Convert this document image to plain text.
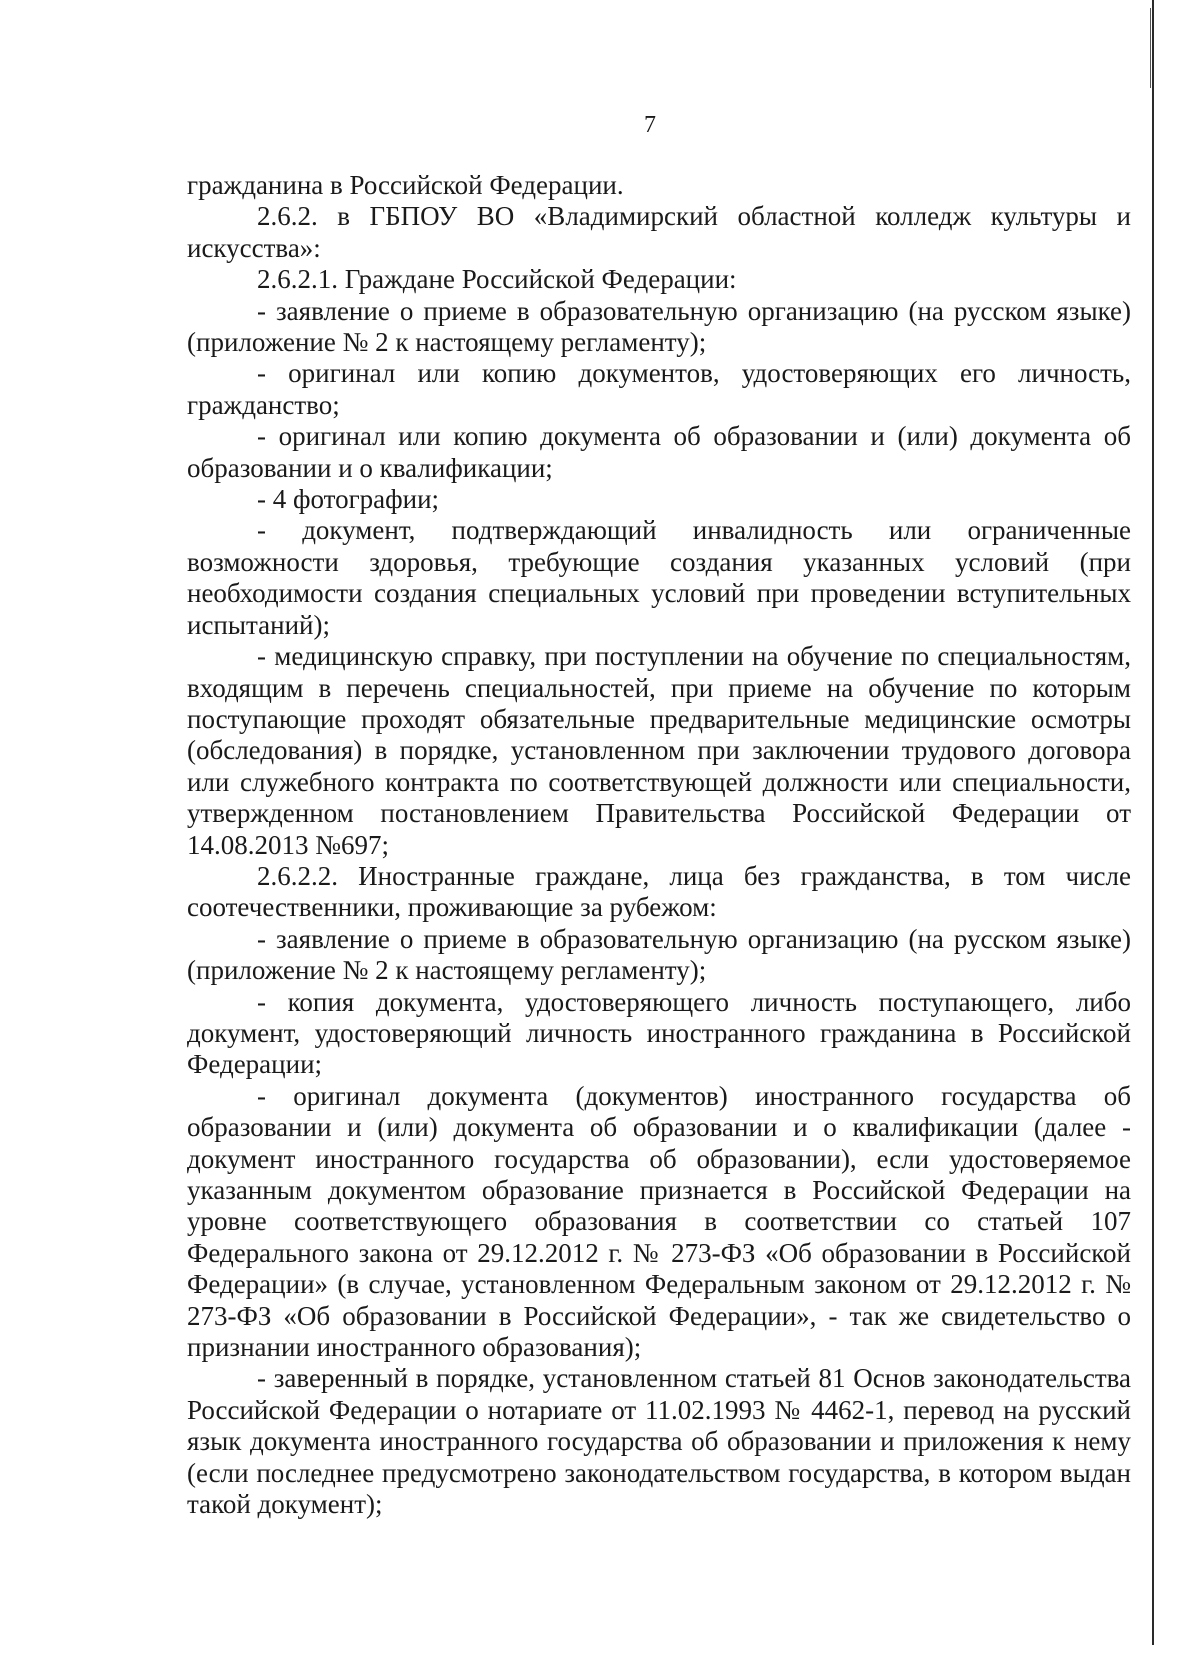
7

гражданина в Российской Федерации.

2.6.2. в ГБПОУ ВО «Владимирский областной колледж культуры и искусства»:

2.6.2.1. Граждане Российской Федерации:

- заявление о приеме в образовательную организацию (на русском языке) (приложение № 2 к настоящему регламенту);

- оригинал или копию документов, удостоверяющих его личность, гражданство;

- оригинал или копию документа об образовании и (или) документа об образовании и о квалификации;

- 4 фотографии;

- документ, подтверждающий инвалидность или ограниченные возможности здоровья, требующие создания указанных условий (при необходимости создания специальных условий при проведении вступительных испытаний);

- медицинскую справку, при поступлении на обучение по специальностям, входящим в перечень специальностей, при приеме на обучение по которым поступающие проходят обязательные предварительные медицинские осмотры (обследования) в порядке, установленном при заключении трудового договора или служебного контракта по соответствующей должности или специальности, утвержденном постановлением Правительства Российской Федерации от 14.08.2013 №697;

2.6.2.2. Иностранные граждане, лица без гражданства, в том числе соотечественники, проживающие за рубежом:

- заявление о приеме в образовательную организацию (на русском языке) (приложение № 2 к настоящему регламенту);

- копия документа, удостоверяющего личность поступающего, либо документ, удостоверяющий личность иностранного гражданина в Российской Федерации;

- оригинал документа (документов) иностранного государства об образовании и (или) документа об образовании и о квалификации (далее - документ иностранного государства об образовании), если удостоверяемое указанным документом образование признается в Российской Федерации на уровне соответствующего образования в соответствии со статьей 107 Федерального закона от 29.12.2012 г. № 273-ФЗ «Об образовании в Российской Федерации» (в случае, установленном Федеральным законом от 29.12.2012 г. № 273-ФЗ «Об образовании в Российской Федерации», - так же свидетельство о признании иностранного образования);

- заверенный в порядке, установленном статьей 81 Основ законодательства Российской Федерации о нотариате от 11.02.1993 № 4462-1, перевод на русский язык документа иностранного государства об образовании и приложения к нему (если последнее предусмотрено законодательством государства, в котором выдан такой документ);
